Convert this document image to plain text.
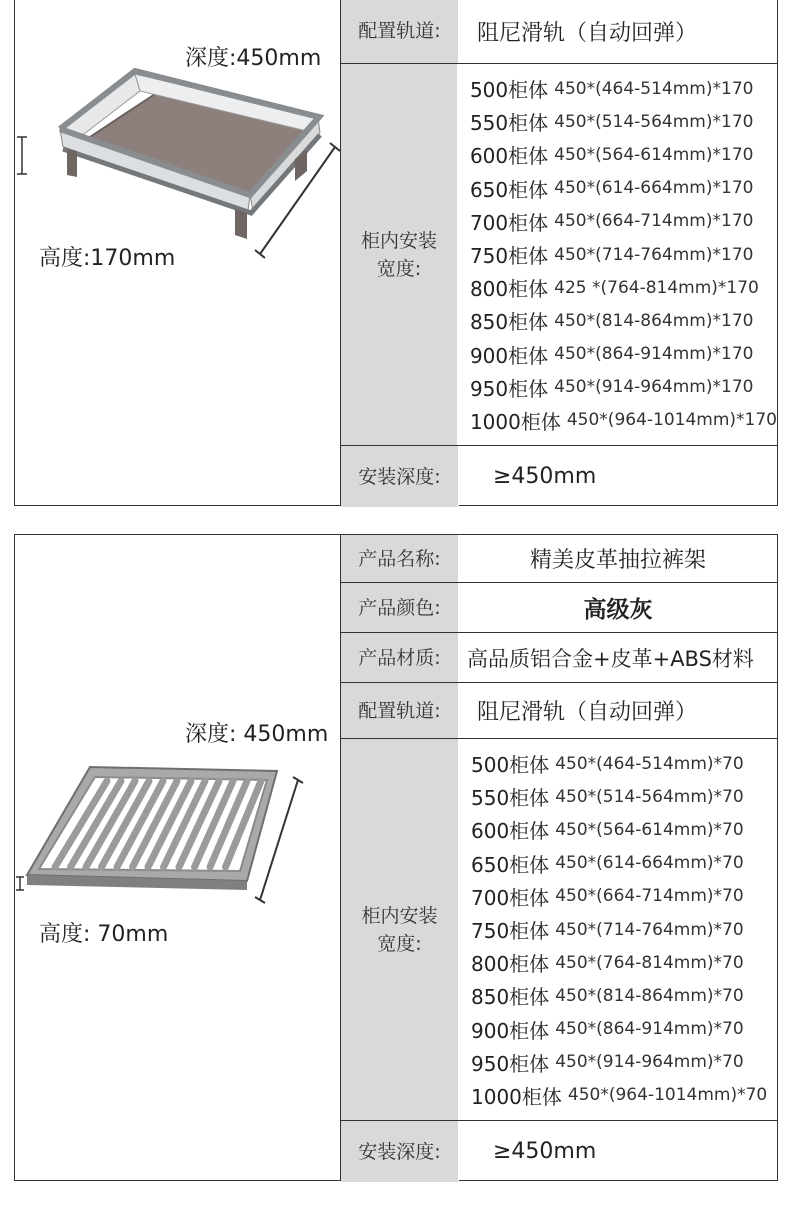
深度:450mm
高度:170mm
配置轨道:	阻尼滑轨（自动回弹）
柜内安装宽度:
500柜体 450*(464-514mm)*170
550柜体 450*(514-564mm)*170
600柜体 450*(564-614mm)*170
650柜体 450*(614-664mm)*170
700柜体 450*(664-714mm)*170
750柜体 450*(714-764mm)*170
800柜体 425 *(764-814mm)*170
850柜体 450*(814-864mm)*170
900柜体 450*(864-914mm)*170
950柜体 450*(914-964mm)*170
1000柜体 450*(964-1014mm)*170
安装深度:	≥450mm
深度: 450mm
高度: 70mm
产品名称:	精美皮革抽拉裤架
产品颜色:	高级灰
产品材质:	高品质铝合金+皮革+ABS材料
配置轨道:	阻尼滑轨（自动回弹）
柜内安装宽度:
500柜体 450*(464-514mm)*70
550柜体 450*(514-564mm)*70
600柜体 450*(564-614mm)*70
650柜体 450*(614-664mm)*70
700柜体 450*(664-714mm)*70
750柜体 450*(714-764mm)*70
800柜体 450*(764-814mm)*70
850柜体 450*(814-864mm)*70
900柜体 450*(864-914mm)*70
950柜体 450*(914-964mm)*70
1000柜体 450*(964-1014mm)*70
安装深度:	≥450mm
